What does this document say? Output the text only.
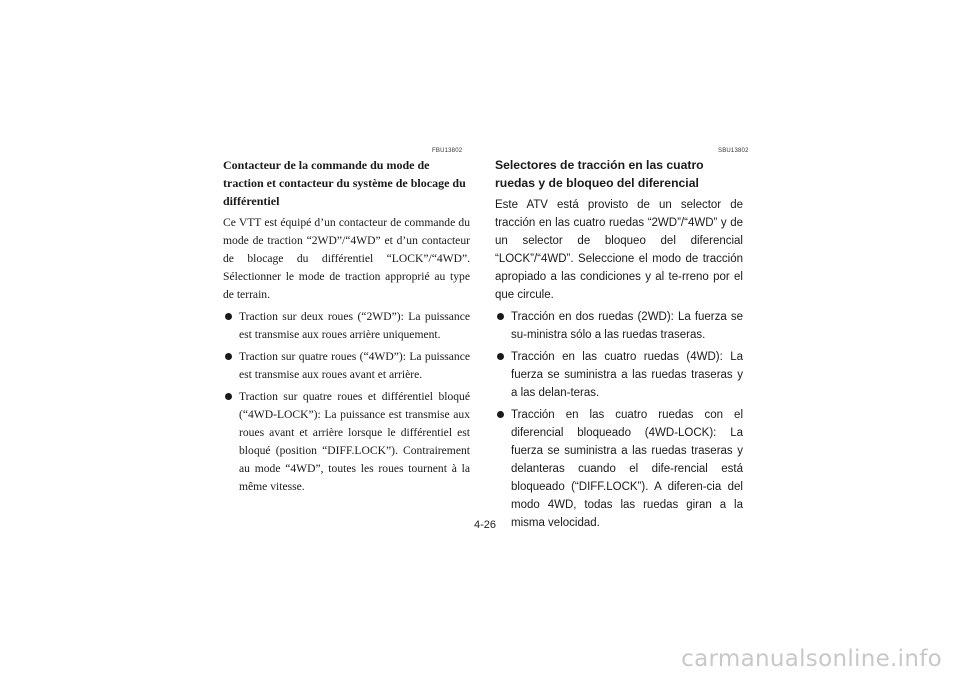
FBU13802	SBU13802
Contacteur de la commande du mode de traction et contacteur du système de blocage du différentiel
Ce VTT est équipé d’un contacteur de commande du mode de traction “2WD”/“4WD” et d’un contacteur de blocage du différentiel “LOCK”/“4WD”. Sélectionner le mode de traction approprié au type de terrain.
Traction sur deux roues (“2WD”): La puissance est transmise aux roues arrière uniquement.
Traction sur quatre roues (“4WD”): La puissance est transmise aux roues avant et arrière.
Traction sur quatre roues et différentiel bloqué (“4WD-LOCK”): La puissance est transmise aux roues avant et arrière lorsque le différentiel est bloqué (position “DIFF.LOCK”). Contrairement au mode “4WD”, toutes les roues tournent à la même vitesse.
Selectores de tracción en las cuatro ruedas y de bloqueo del diferencial
Este ATV está provisto de un selector de tracción en las cuatro ruedas “2WD”/“4WD” y de un selector de bloqueo del diferencial “LOCK”/“4WD”. Seleccione el modo de tracción apropiado a las condiciones y al te-rreno por el que circule.
Tracción en dos ruedas (2WD): La fuerza se su-ministra sólo a las ruedas traseras.
Tracción en las cuatro ruedas (4WD): La fuerza se suministra a las ruedas traseras y a las delan-teras.
Tracción en las cuatro ruedas con el diferencial bloqueado (4WD-LOCK): La fuerza se suministra a las ruedas traseras y delanteras cuando el dife-rencial está bloqueado (“DIFF.LOCK”). A diferen-cia del modo 4WD, todas las ruedas giran a la misma velocidad.
4-26
carmanualsonline.info
